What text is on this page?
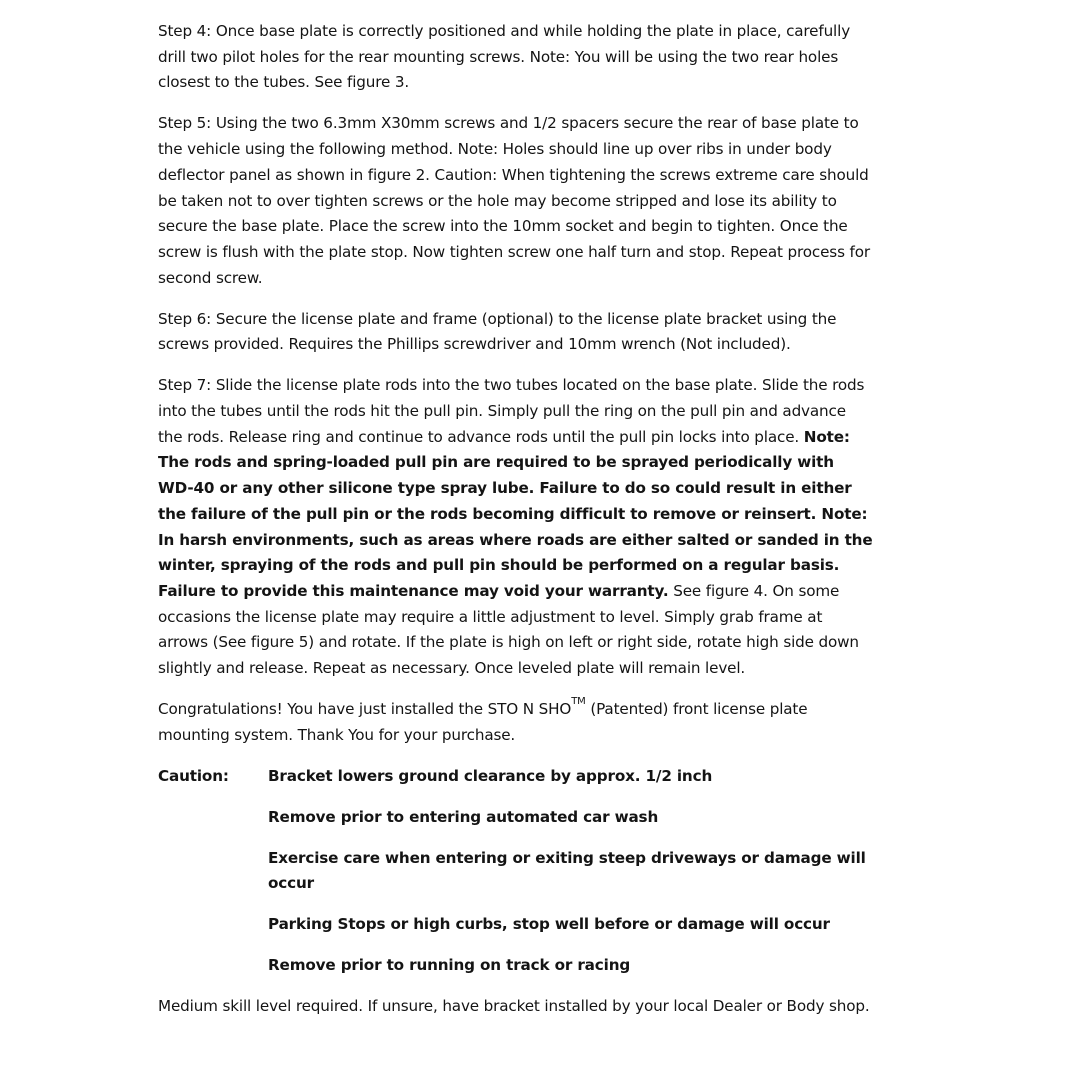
Step 4: Once base plate is correctly positioned and while holding the plate in place, carefully drill two pilot holes for the rear mounting screws. Note: You will be using the two rear holes closest to the tubes. See figure 3.

Step 5: Using the two 6.3mm X30mm screws and 1/2 spacers secure the rear of base plate to the vehicle using the following method. Note: Holes should line up over ribs in under body deflector panel as shown in figure 2. Caution: When tightening the screws extreme care should be taken not to over tighten screws or the hole may become stripped and lose its ability to secure the base plate. Place the screw into the 10mm socket and begin to tighten. Once the screw is flush with the plate stop. Now tighten screw one half turn and stop. Repeat process for second screw.

Step 6: Secure the license plate and frame (optional) to the license plate bracket using the screws provided. Requires the Phillips screwdriver and 10mm wrench (Not included).

Step 7: Slide the license plate rods into the two tubes located on the base plate. Slide the rods into the tubes until the rods hit the pull pin. Simply pull the ring on the pull pin and advance the rods. Release ring and continue to advance rods until the pull pin locks into place. Note: The rods and spring-loaded pull pin are required to be sprayed periodically with WD-40 or any other silicone type spray lube. Failure to do so could result in either the failure of the pull pin or the rods becoming difficult to remove or reinsert. Note: In harsh environments, such as areas where roads are either salted or sanded in the winter, spraying of the rods and pull pin should be performed on a regular basis. Failure to provide this maintenance may void your warranty. See figure 4. On some occasions the license plate may require a little adjustment to level. Simply grab frame at arrows (See figure 5) and rotate. If the plate is high on left or right side, rotate high side down slightly and release. Repeat as necessary. Once leveled plate will remain level.

Congratulations! You have just installed the STO N SHO™ (Patented) front license plate mounting system. Thank You for your purchase.

Caution:	Bracket lowers ground clearance by approx. 1/2 inch
Remove prior to entering automated car wash
Exercise care when entering or exiting steep driveways or damage will occur
Parking Stops or high curbs, stop well before or damage will occur
Remove prior to running on track or racing

Medium skill level required. If unsure, have bracket installed by your local Dealer or Body shop.
